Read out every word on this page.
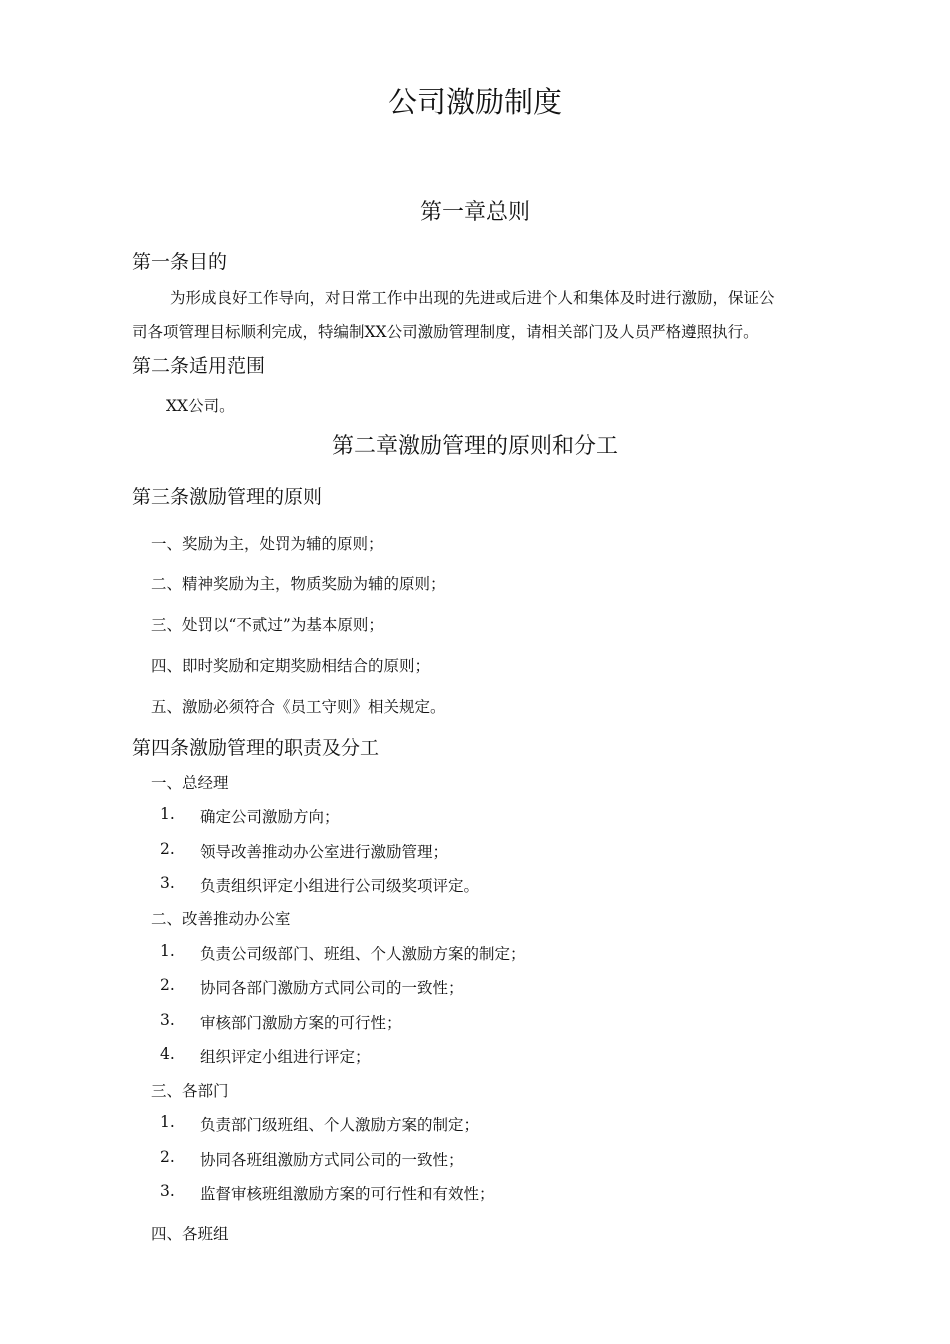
公司激励制度
第一章总则
第一条目的
为形成良好工作导向，对日常工作中出现的先进或后进个人和集体及时进行激励，保证公
司各项管理目标顺利完成，特编制XX公司激励管理制度，请相关部门及人员严格遵照执行。
第二条适用范围
XX公司。
第二章激励管理的原则和分工
第三条激励管理的原则
一、奖励为主，处罚为辅的原则；
二、精神奖励为主，物质奖励为辅的原则；
三、处罚以“不贰过”为基本原则；
四、即时奖励和定期奖励相结合的原则；
五、激励必须符合《员工守则》相关规定。
第四条激励管理的职责及分工
一、总经理
1. 确定公司激励方向；
2. 领导改善推动办公室进行激励管理；
3. 负责组织评定小组进行公司级奖项评定。
二、改善推动办公室
1. 负责公司级部门、班组、个人激励方案的制定；
2. 协同各部门激励方式同公司的一致性；
3. 审核部门激励方案的可行性；
4. 组织评定小组进行评定；
三、各部门
1. 负责部门级班组、个人激励方案的制定；
2. 协同各班组激励方式同公司的一致性；
3. 监督审核班组激励方案的可行性和有效性；
四、各班组
